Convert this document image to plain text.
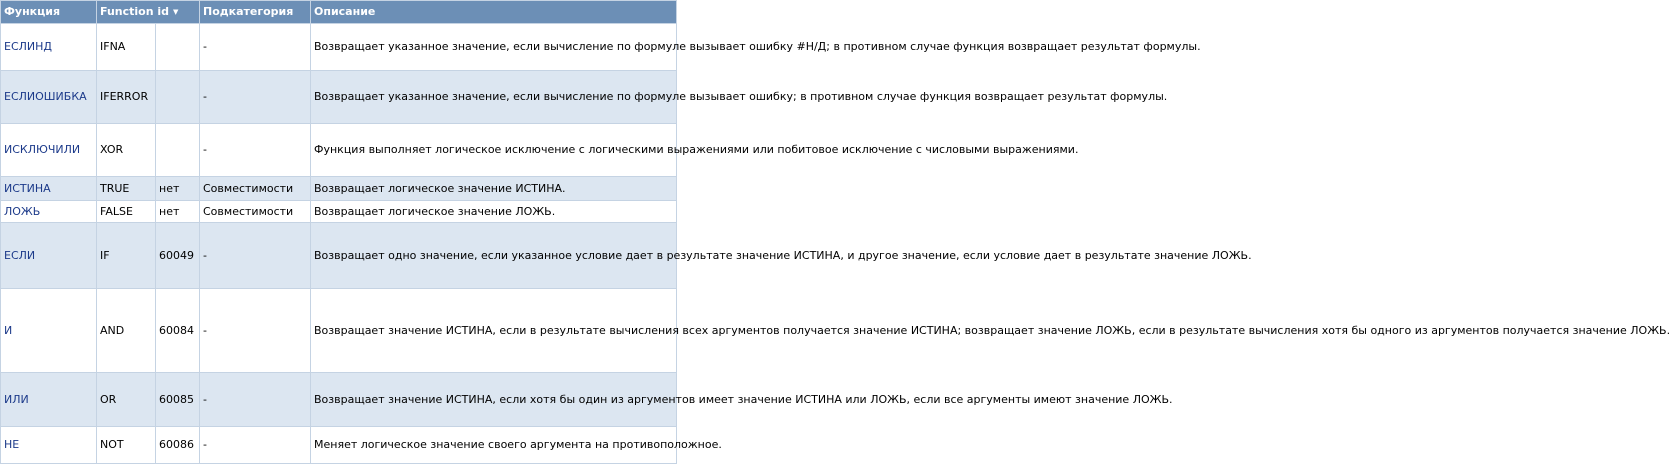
Функция	Function id ▼		Подкатегория	Описание
ЕСЛИНД	IFNA		-	Возвращает указанное значение, если вычисление по формуле вызывает ошибку #Н/Д; в противном случае функция возвращает результат формулы.
ЕСЛИОШИБКА	IFERROR		-	Возвращает указанное значение, если вычисление по формуле вызывает ошибку; в противном случае функция возвращает результат формулы.
ИСКЛЮЧИЛИ	XOR		-	Функция выполняет логическое исключение с логическими выражениями или побитовое исключение с числовыми выражениями.
ИСТИНА	TRUE	нет	Совместимости	Возвращает логическое значение ИСТИНА.
ЛОЖЬ	FALSE	нет	Совместимости	Возвращает логическое значение ЛОЖЬ.
ЕСЛИ	IF	60049	-	Возвращает одно значение, если указанное условие дает в результате значение ИСТИНА, и другое значение, если условие дает в результате значение ЛОЖЬ.
И	AND	60084	-	Возвращает значение ИСТИНА, если в результате вычисления всех аргументов получается значение ИСТИНА; возвращает значение ЛОЖЬ, если в результате вычисления хотя бы одного из аргументов получается значение ЛОЖЬ.
ИЛИ	OR	60085	-	Возвращает значение ИСТИНА, если хотя бы один из аргументов имеет значение ИСТИНА или ЛОЖЬ, если все аргументы имеют значение ЛОЖЬ.
НЕ	NOT	60086	-	Меняет логическое значение своего аргумента на противоположное.
